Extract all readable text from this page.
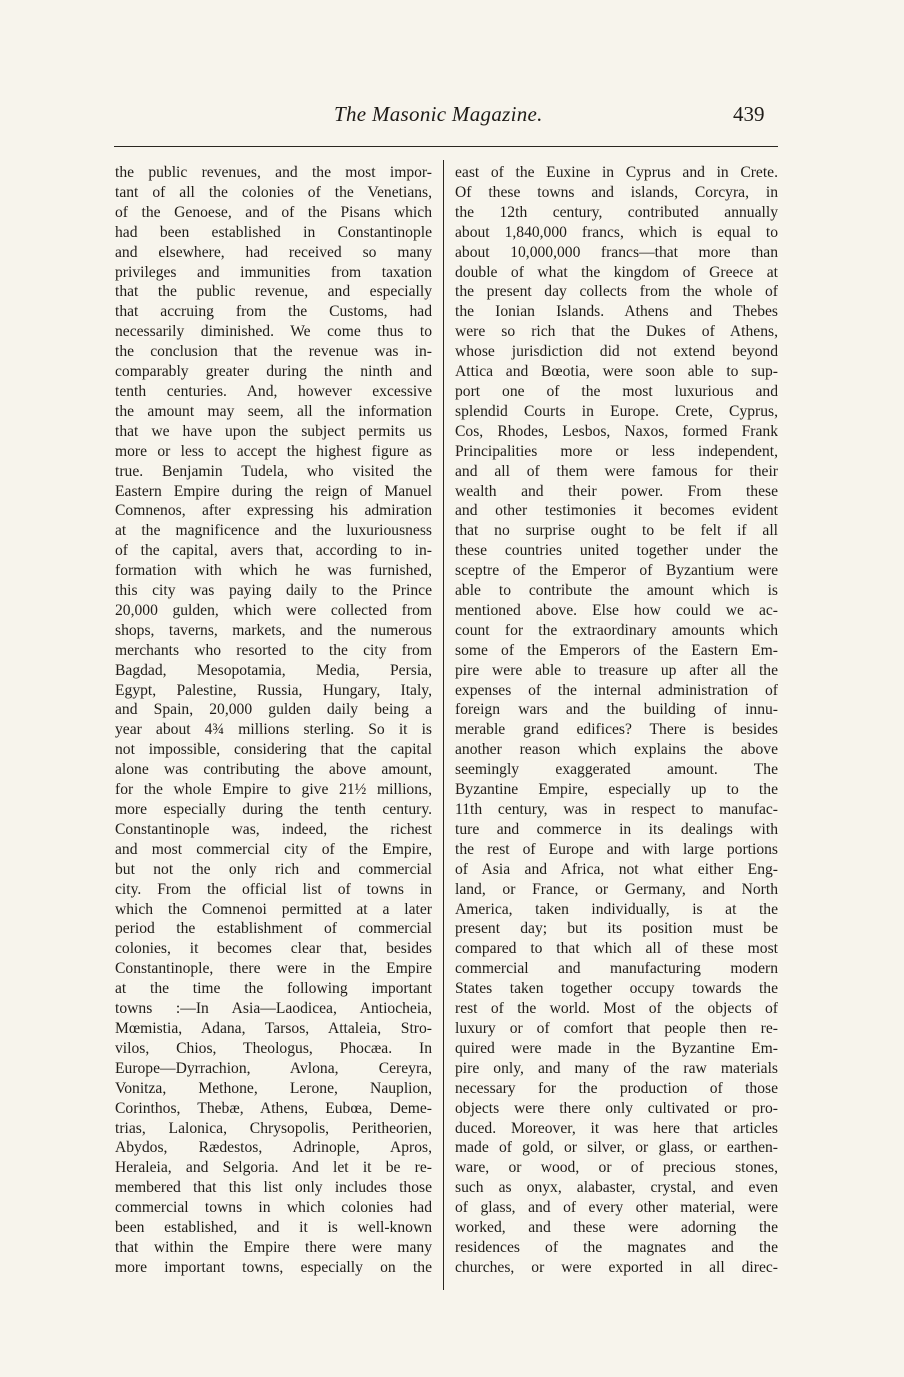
The Masonic Magazine.	439
the public revenues, and the most impor-
tant of all the colonies of the Venetians,
of the Genoese, and of the Pisans which
had been established in Constantinople
and elsewhere, had received so many
privileges and immunities from taxation
that the public revenue, and especially
that accruing from the Customs, had
necessarily diminished. We come thus to
the conclusion that the revenue was in-
comparably greater during the ninth and
tenth centuries. And, however excessive
the amount may seem, all the information
that we have upon the subject permits us
more or less to accept the highest figure as
true. Benjamin Tudela, who visited the
Eastern Empire during the reign of Manuel
Comnenos, after expressing his admiration
at the magnificence and the luxuriousness
of the capital, avers that, according to in-
formation with which he was furnished,
this city was paying daily to the Prince
20,000 gulden, which were collected from
shops, taverns, markets, and the numerous
merchants who resorted to the city from
Bagdad, Mesopotamia, Media, Persia,
Egypt, Palestine, Russia, Hungary, Italy,
and Spain, 20,000 gulden daily being a
year about 4¾ millions sterling. So it is
not impossible, considering that the capital
alone was contributing the above amount,
for the whole Empire to give 21½ millions,
more especially during the tenth century.
Constantinople was, indeed, the richest
and most commercial city of the Empire,
but not the only rich and commercial
city. From the official list of towns in
which the Comnenoi permitted at a later
period the establishment of commercial
colonies, it becomes clear that, besides
Constantinople, there were in the Empire
at the time the following important
towns :—In Asia—Laodicea, Antiocheia,
Mœmistia, Adana, Tarsos, Attaleia, Stro-
vilos, Chios, Theologus, Phocæa. In
Europe—Dyrrachion, Avlona, Cereyra,
Vonitza, Methone, Lerone, Nauplion,
Corinthos, Thebæ, Athens, Eubœa, Deme-
trias, Lalonica, Chrysopolis, Peritheorien,
Abydos, Rædestos, Adrinople, Apros,
Heraleia, and Selgoria. And let it be re-
membered that this list only includes those
commercial towns in which colonies had
been established, and it is well-known
that within the Empire there were many
more important towns, especially on the
east of the Euxine in Cyprus and in Crete.
Of these towns and islands, Corcyra, in
the 12th century, contributed annually
about 1,840,000 francs, which is equal to
about 10,000,000 francs—that more than
double of what the kingdom of Greece at
the present day collects from the whole of
the Ionian Islands. Athens and Thebes
were so rich that the Dukes of Athens,
whose jurisdiction did not extend beyond
Attica and Bœotia, were soon able to sup-
port one of the most luxurious and
splendid Courts in Europe. Crete, Cyprus,
Cos, Rhodes, Lesbos, Naxos, formed Frank
Principalities more or less independent,
and all of them were famous for their
wealth and their power. From these
and other testimonies it becomes evident
that no surprise ought to be felt if all
these countries united together under the
sceptre of the Emperor of Byzantium were
able to contribute the amount which is
mentioned above. Else how could we ac-
count for the extraordinary amounts which
some of the Emperors of the Eastern Em-
pire were able to treasure up after all the
expenses of the internal administration of
foreign wars and the building of innu-
merable grand edifices? There is besides
another reason which explains the above
seemingly exaggerated amount. The
Byzantine Empire, especially up to the
11th century, was in respect to manufac-
ture and commerce in its dealings with
the rest of Europe and with large portions
of Asia and Africa, not what either Eng-
land, or France, or Germany, and North
America, taken individually, is at the
present day; but its position must be
compared to that which all of these most
commercial and manufacturing modern
States taken together occupy towards the
rest of the world. Most of the objects of
luxury or of comfort that people then re-
quired were made in the Byzantine Em-
pire only, and many of the raw materials
necessary for the production of those
objects were there only cultivated or pro-
duced. Moreover, it was here that articles
made of gold, or silver, or glass, or earthen-
ware, or wood, or of precious stones,
such as onyx, alabaster, crystal, and even
of glass, and of every other material, were
worked, and these were adorning the
residences of the magnates and the
churches, or were exported in all direc-
